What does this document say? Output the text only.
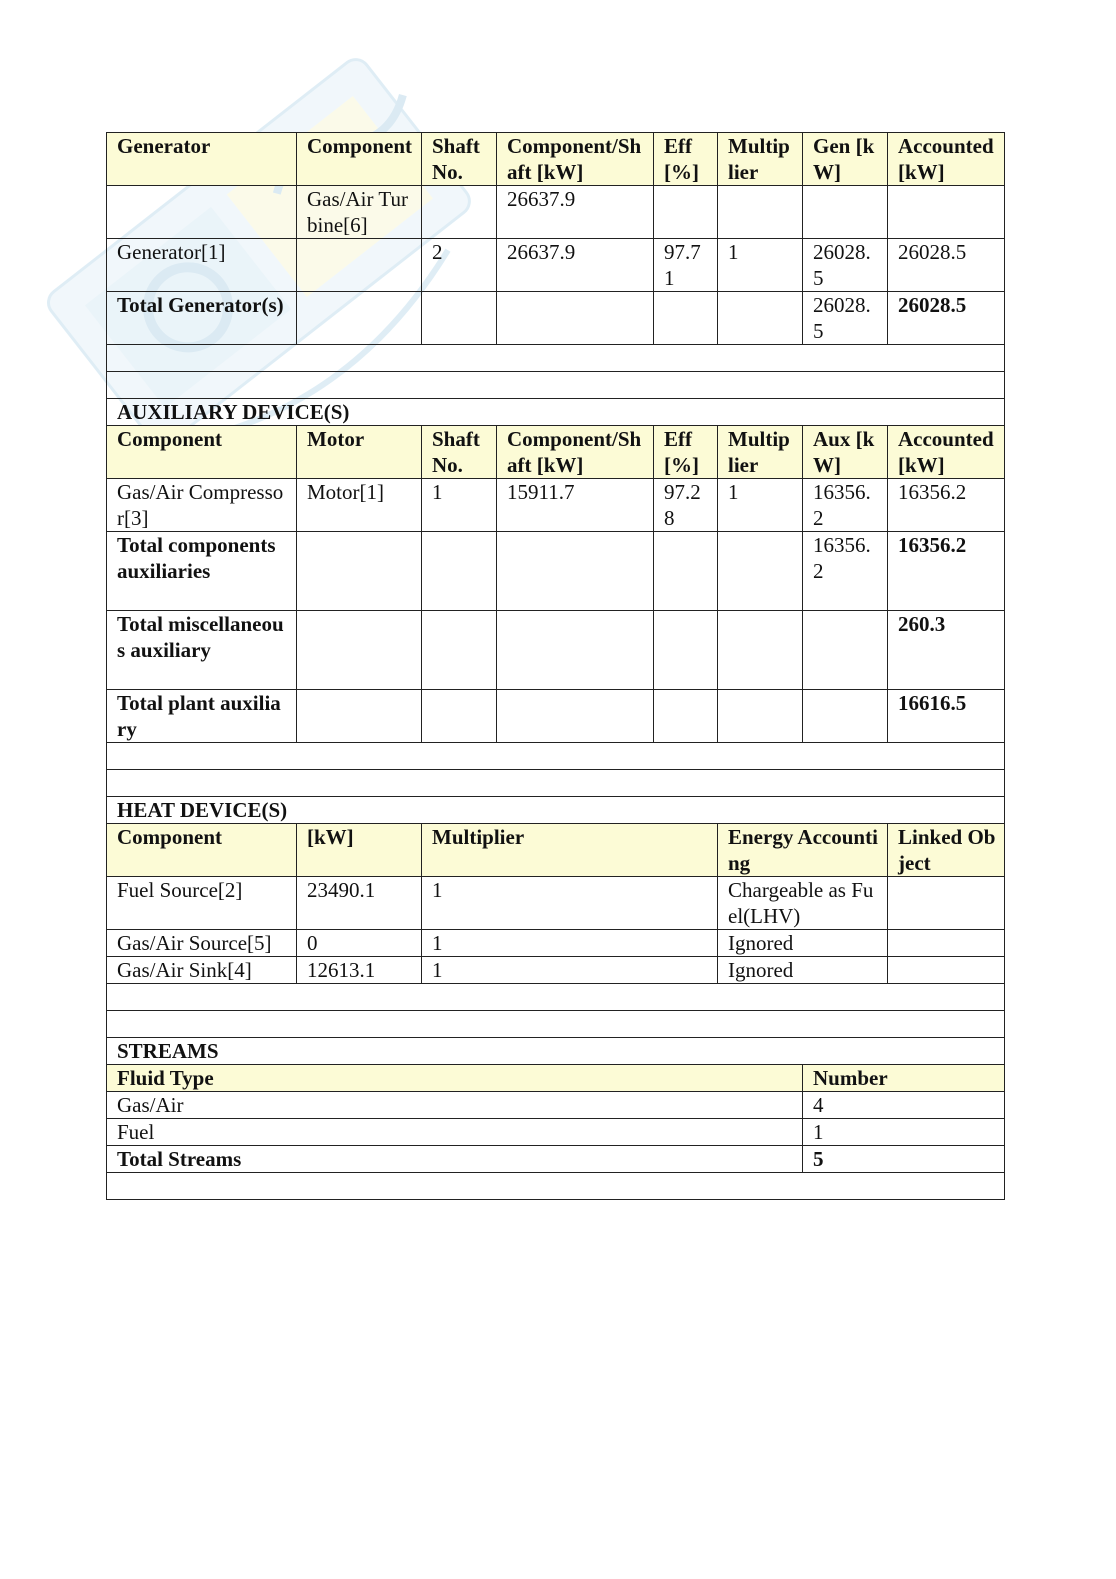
Generator	Component	Shaft No.	Component/Shaft [kW]	Eff [%]	Multiplier	Gen [kW]	Accounted [kW]
	Gas/Air Turbine[6]		26637.9				
Generator[1]		2	26637.9	97.71	1	26028.5	26028.5
Total Generator(s)						26028.5	26028.5

AUXILIARY DEVICE(S)							
Component	Motor	Shaft No.	Component/Shaft [kW]	Eff [%]	Multiplier	Aux [kW]	Accounted [kW]
Gas/Air Compressor[3]	Motor[1]	1	15911.7	97.28	1	16356.2	16356.2
Total components auxiliaries						16356.2	16356.2
Total miscellaneous auxiliary							260.3
Total plant auxiliary							16616.5

HEAT DEVICE(S)							
Component	[kW]	Multiplier			Energy Accounting		Linked Object
Fuel Source[2]	23490.1	1			Chargeable as Fuel(LHV)		
Gas/Air Source[5]	0	1			Ignored		
Gas/Air Sink[4]	12613.1	1			Ignored		

STREAMS							
Fluid Type						Number	
Gas/Air						4	
Fuel						1	
Total Streams						5	
